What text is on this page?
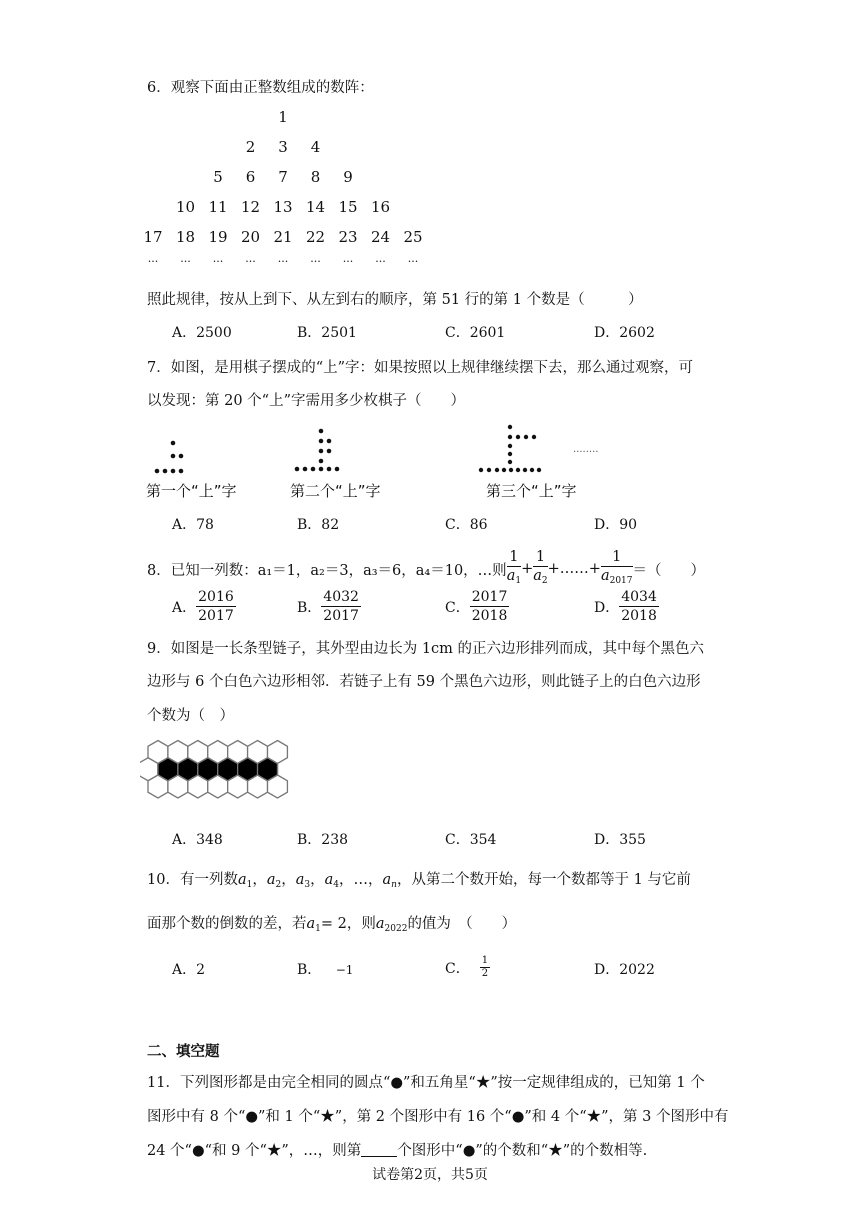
6．观察下面由正整数组成的数阵：
1
2	3	4
5	6	7	8	9
10 11 12 13 14 15 16
17 18 19 20 21 22 23 24 25
...	...	...	...	...	...	...	...	...
照此规律，按从上到下、从左到右的顺序，第 51 行的第 1 个数是（　　　）
A．2500	B．2501	C．2601	D．2602
7．如图，是用棋子摆成的“上”字：如果按照以上规律继续摆下去，那么通过观察，可
以发现：第 20 个“上”字需用多少枚棋子（　　）
........
第一个“上”字	第二个“上”字	第三个“上”字
A．78	B．82	C．86	D．90
8．已知一列数：a₁＝1，a₂＝3，a₃＝6，a₄＝10，…则 $\frac{1}{a_1} + \frac{1}{a_2}$ +……+ $\frac{1}{a_{2017}}$ ＝（　　）
A． $\frac{2016}{2017}$	B． $\frac{4032}{2017}$	C． $\frac{2017}{2018}$	D． $\frac{4034}{2018}$
9．如图是一长条型链子，其外型由边长为 1cm 的正六边形排列而成，其中每个黑色六
边形与 6 个白色六边形相邻．若链子上有 59 个黑色六边形，则此链子上的白色六边形
个数为（　）
A．348	B．238	C．354	D．355
10．有一列数$a_1$，$a_2$，$a_3$，$a_4$，…，$a_n$，从第二个数开始，每一个数都等于 1 与它前
面那个数的倒数的差，若$a_1= 2$，则$a_{2022}$的值为　（　　）
A．2	B． −1	C． $\frac{1}{2}$	D．2022
二、填空题
11．下列图形都是由完全相同的圆点“●”和五角星“★”按一定规律组成的，已知第 1 个
图形中有 8 个“●”和 1 个“★”，第 2 个图形中有 16 个“●”和 4 个“★”，第 3 个图形中有
24 个“●“和 9 个“★”，…，则第 个图形中“●”的个数和“★”的个数相等.
试卷第2页，共5页
